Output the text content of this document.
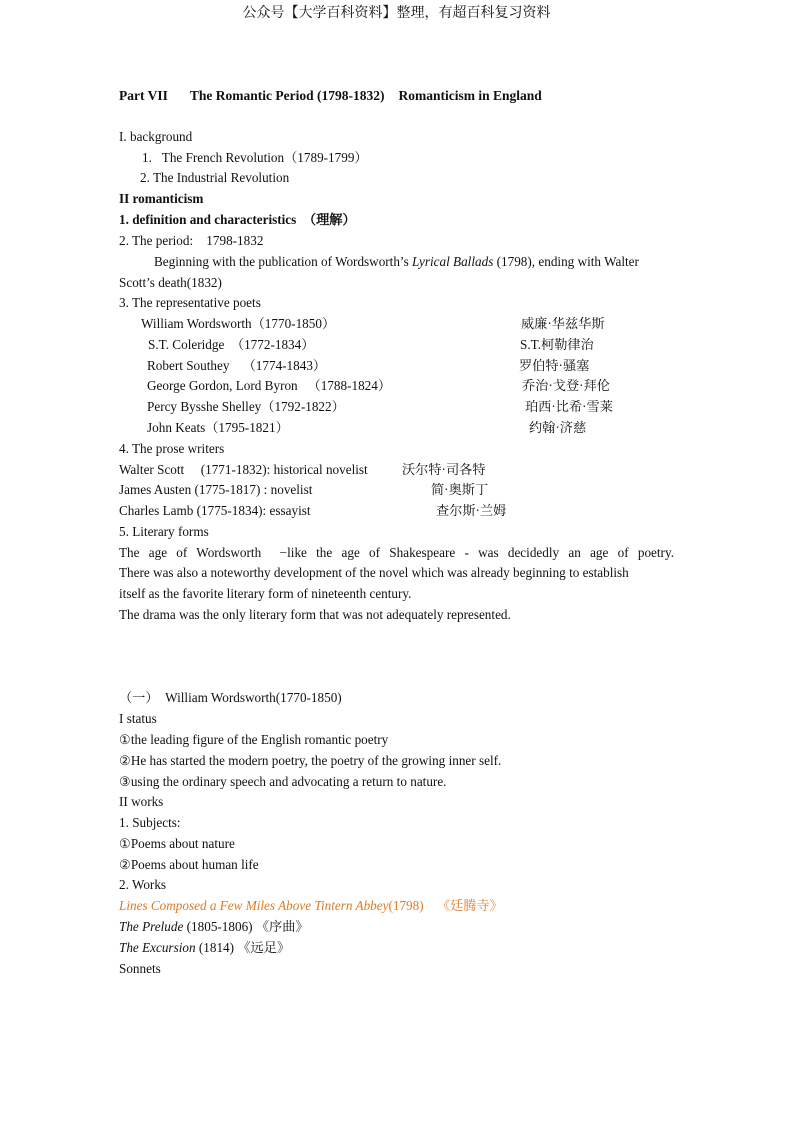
公众号【大学百科资料】整理，有超百科复习资料
Part VII The Romantic Period (1798-1832) Romanticism in England
I. background
1.   The French Revolution（1789-1799）
2. The Industrial Revolution
II romanticism
1. definition and characteristics  （理解）
2. The period:    1798-1832
Beginning with the publication of Wordsworth’s Lyrical Ballads (1798), ending with Walter
Scott’s death(1832)
3. The representative poets
William Wordsworth（1770-1850）	威廉·华兹华斯
S.T. Coleridge  （1772-1834）	S.T.柯勒律治
Robert Southey    （1774-1843）	罗伯特·骚塞
George Gordon, Lord Byron   （1788-1824）	乔治·戈登·拜伦
Percy Bysshe Shelley（1792-1822）	珀西·比希·雪莱
John Keats（1795-1821）	约翰·济慈
4. The prose writers
Walter Scott     (1771-1832): historical novelist	沃尔特·司各特
James Austen (1775-1817) : novelist	简·奥斯丁
Charles Lamb (1775-1834): essayist	查尔斯·兰姆
5. Literary forms
The age of Wordsworth  −like the age of Shakespeare - was decidedly an age of poetry.
There was also a noteworthy development of the novel which was already beginning to establish
itself as the favorite literary form of nineteenth century.
The drama was the only literary form that was not adequately represented.
（一）  William Wordsworth(1770-1850)
I status
①the leading figure of the English romantic poetry
②He has started the modern poetry, the poetry of the growing inner self.
③using the ordinary speech and advocating a return to nature.
II works
1. Subjects:
①Poems about nature
②Poems about human life
2. Works
Lines Composed a Few Miles Above Tintern Abbey(1798)    《廷腾寺》
The Prelude (1805-1806) 《序曲》
The Excursion (1814) 《远足》
Sonnets
